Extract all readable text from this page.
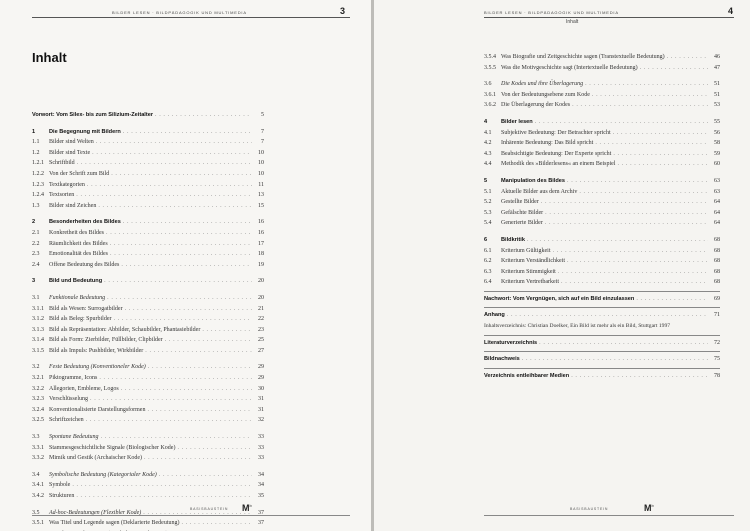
BILDER LESEN · BILDPÄDAGOGIK UND MULTIMEDIA	3
Inhalt
Vorwort: Vom Silex- bis zum Silizium-Zeitalter . . .	5
1	Die Begegnung mit Bildern . . .	7
1.1	Bilder sind Welten . . .	7
1.2	Bilder sind Texte . . .	10
1.2.1 Schriftbild . . .	10
1.2.2 Von der Schrift zum Bild . . .	10
1.2.3 Textkategorien . . .	11
1.2.4 Textsorten . . .	13
1.3	Bilder sind Zeichen . . .	15
2	Besonderheiten des Bildes . . .	16
2.1	Konkretheit des Bildes . . .	16
2.2	Räumlichkeit des Bildes . . .	17
2.3	Emotionalität des Bildes . . .	18
2.4	Offene Bedeutung des Bildes . . .	19
3	Bild und Bedeutung . . .	20
3.1	Funktionale Bedeutung . . .	20
3.1.1 Bild als Wesen: Surrogatbilder . . .	21
3.1.2 Bild als Beleg: Spurbilder . . .	22
3.1.3 Bild als Repräsentation: Abbilder, Schaubilder, Phantasiebilder . . .	23
3.1.4 Bild als Form: Zierbilder, Füllbilder, Clipbilder . . .	25
3.1.5 Bild als Impuls: Pushbilder, Wirkbilder . . .	27
3.2	Feste Bedeutung (Konventioneler Kode) . . .	29
3.2.1 Piktogramme, Icons . . .	29
3.2.2 Allegorien, Embleme, Logos . . .	30
3.2.3 Verschlüsselung . . .	31
3.2.4 Konventionalisierte Darstellungsformen . . .	31
3.2.5 Schriftzeichen . . .	32
3.3	Spontane Bedeutung . . .	33
3.3.1 Stammesgeschichtliche Signale (Biologischer Kode) . . .	33
3.3.2 Mimik und Gestik (Archaischer Kode) . . .	33
3.4	Symbolische Bedeutung (Kategorialer Kode) . . .	34
3.4.1 Symbole . . .	34
3.4.2 Strukturen . . .	35
3.5	Ad-hoc-Bedeutungen (Flexibler Kode) . . .	37
3.5.1 Was Titel und Legende sagen (Deklarierte Bedeutung) . . .	37
. . .
BASISBAUSTEIN $M^b$
BILDER LESEN · BILDPÄDAGOGIK UND MULTIMEDIA
Inhalt
4
3.5.4 Was Biografie und Zeitgeschichte sagen (Transtextuelle Bedeutung) . . .	46
3.5.5 Was die Motivgeschichte sagt (Intertextuelle Bedeutung) . . .	47
3.6	Die Kodes und ihre Überlagerung . . .	51
3.6.1 Von der Bedeutungsebene zum Kode . . .	51
3.6.2 Die Überlagerung der Kodes . . .	53
4	Bilder lesen . . .	55
4.1	Subjektive Bedeutung: Der Betrachter spricht . . .	56
4.2	Inhärente Bedeutung: Das Bild spricht . . .	58
4.3	Beabsichtigte Bedeutung: Der Experte spricht . . .	59
4.4	Methodik des »Bilderlesens« an einem Beispiel . . .	60
5	Manipulation des Bildes . . .	63
5.1	Aktuelle Bilder aus dem Archiv . . .	63
5.2	Gestellte Bilder . . .	64
5.3	Gefälschte Bilder . . .	64
5.4	Generierte Bilder . . .	64
6	Bildkritik . . .	68
6.1	Kriterium Gültigkeit . . .	68
6.2	Kriterium Verständlichkeit . . .	68
6.3	Kriterium Stimmigkeit . . .	68
6.4	Kriterium Vertretbarkeit . . .	68
Nachwort: Vom Vergnügen, sich auf ein Bild einzulassen . . .	69
Anhang . . .	71
Inhaltsverzeichnis: Christian Doelker, Ein Bild ist mehr als ein Bild, Stuttgart 1997
Literaturverzeichnis . . .	72
Bildnachweis . . .	75
Verzeichnis entleihbarer Medien . . .	78
BASISBAUSTEIN	$M^b$
